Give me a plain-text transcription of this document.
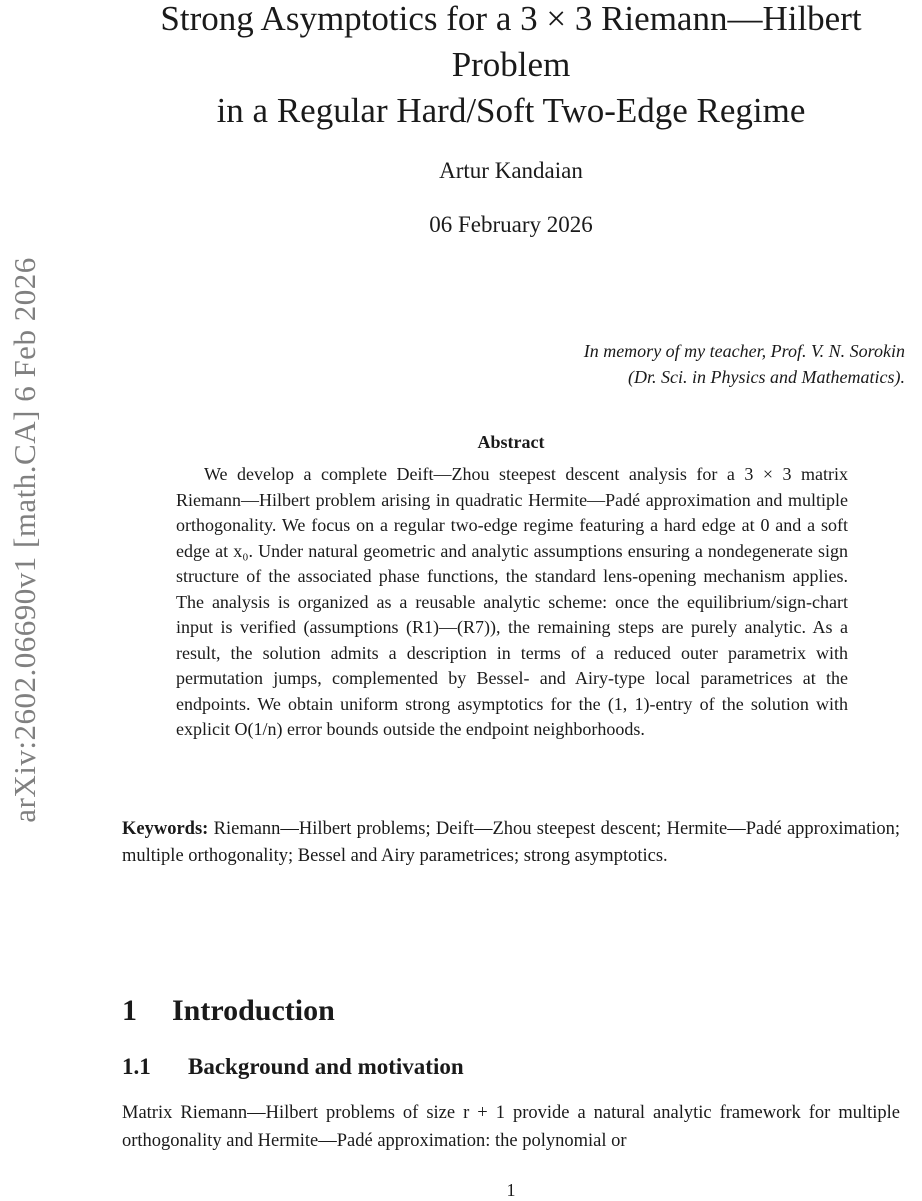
arXiv:2602.06690v1 [math.CA] 6 Feb 2026
Strong Asymptotics for a 3 × 3 Riemann—Hilbert
Problem
in a Regular Hard/Soft Two-Edge Regime
Artur Kandaian
06 February 2026
In memory of my teacher, Prof. V. N. Sorokin
(Dr. Sci. in Physics and Mathematics).
Abstract

We develop a complete Deift—Zhou steepest descent analysis for a 3 × 3 matrix Riemann—Hilbert problem arising in quadratic Hermite—Padé approximation and multiple orthogonality. We focus on a regular two-edge regime featuring a hard edge at 0 and a soft edge at x₀. Under natural geometric and analytic assumptions ensuring a nondegenerate sign structure of the associated phase functions, the standard lens-opening mechanism applies. The analysis is organized as a reusable analytic scheme: once the equilibrium/sign-chart input is verified (assumptions (R1)—(R7)), the remaining steps are purely analytic. As a result, the solution admits a description in terms of a reduced outer parametrix with permutation jumps, complemented by Bessel- and Airy-type local parametrices at the endpoints. We obtain uniform strong asymptotics for the (1, 1)-entry of the solution with explicit O(1/n) error bounds outside the endpoint neighborhoods.

Keywords: Riemann—Hilbert problems; Deift—Zhou steepest descent; Hermite—Padé approximation; multiple orthogonality; Bessel and Airy parametrices; strong asymptotics.

1 Introduction
1.1 Background and motivation

Matrix Riemann—Hilbert problems of size r + 1 provide a natural analytic framework for multiple orthogonality and Hermite—Padé approximation: the polynomial or

1
